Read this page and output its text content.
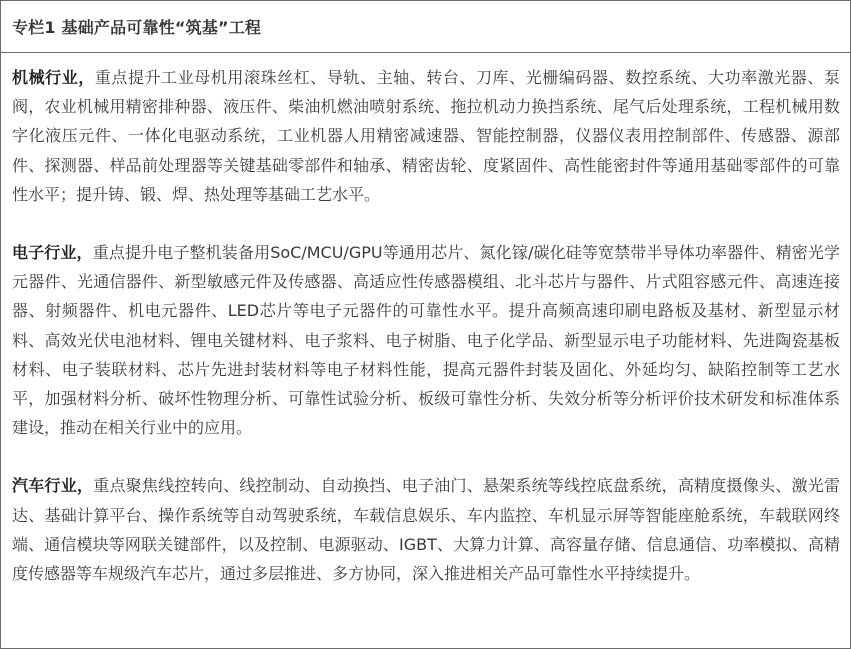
专栏1 基础产品可靠性“筑基”工程

机械行业，重点提升工业母机用滚珠丝杠、导轨、主轴、转台、刀库、光栅编码器、数控系统、大功率激光器、泵阀，农业机械用精密排种器、液压件、柴油机燃油喷射系统、拖拉机动力换挡系统、尾气后处理系统，工程机械用数字化液压元件、一体化电驱动系统，工业机器人用精密减速器、智能控制器，仪器仪表用控制部件、传感器、源部件、探测器、样品前处理器等关键基础零部件和轴承、精密齿轮、度紧固件、高性能密封件等通用基础零部件的可靠性水平；提升铸、锻、焊、热处理等基础工艺水平。

电子行业，重点提升电子整机装备用SoC/MCU/GPU等通用芯片、氮化镓/碳化硅等宽禁带半导体功率器件、精密光学元器件、光通信器件、新型敏感元件及传感器、高适应性传感器模组、北斗芯片与器件、片式阻容感元件、高速连接器、射频器件、机电元器件、LED芯片等电子元器件的可靠性水平。提升高频高速印刷电路板及基材、新型显示材料、高效光伏电池材料、锂电关键材料、电子浆料、电子树脂、电子化学品、新型显示电子功能材料、先进陶瓷基板材料、电子装联材料、芯片先进封装材料等电子材料性能，提高元器件封装及固化、外延均匀、缺陷控制等工艺水平，加强材料分析、破坏性物理分析、可靠性试验分析、板级可靠性分析、失效分析等分析评价技术研发和标准体系建设，推动在相关行业中的应用。

汽车行业，重点聚焦线控转向、线控制动、自动换挡、电子油门、悬架系统等线控底盘系统，高精度摄像头、激光雷达、基础计算平台、操作系统等自动驾驶系统，车载信息娱乐、车内监控、车机显示屏等智能座舱系统，车载联网终端、通信模块等网联关键部件，以及控制、电源驱动、IGBT、大算力计算、高容量存储、信息通信、功率模拟、高精度传感器等车规级汽车芯片，通过多层推进、多方协同，深入推进相关产品可靠性水平持续提升。
